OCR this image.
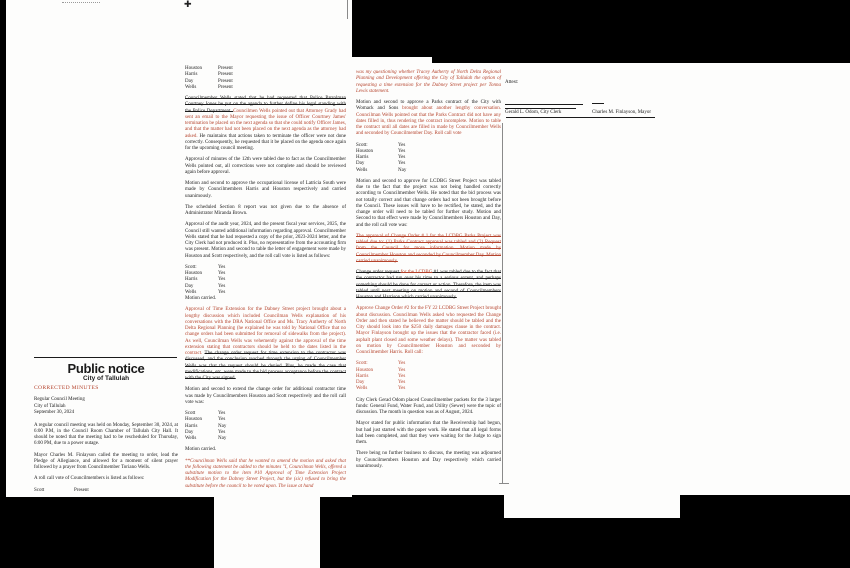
✚
Public notice
City of Tallulah
CORRECTED MINUTES
Regular Council Meeting
City of Tallulah
September 30, 2024

A regular council meeting was held on Monday, September 30, 2024, at 6:00 P.M, in the Council Room Chamber of Tallulah City Hall. It should be noted that the meeting had to be rescheduled for Thursday, 6:00 PM, due to a power outage.

Mayor Charles M. Finlayson called the meeting to order, lead the Pledge of Allegiance, and allowed for a moment of silent prayer followed by a prayer from Councilmember Toriano Wells.

A roll call vote of Councilmembers is listed as follows:

Scott	Present
Houston	Present
Harris	Present
Day	Present
Wells	Present

Councilmember Wells stated that he had requested that Police Patrolman Courtney Jones be put on the agenda to further define his legal standing with the Police Department. Councilmen Wells pointed out that Attorney Grady had sent an email to the Mayor requesting the issue of Officer Courtney James' termination be placed on the next agenda so that she could notify Officer James, and that the matter had not been placed on the next agenda as the attorney had asked. He maintains that actions taken to terminate the officer were not done correctly. Consequently, he requested that it be placed on the agenda once again for the upcoming council meeting.

Approval of minutes of the 12th were tabled due to fact as the Councilmember Wells pointed out, all corrections were not complete and should be reviewed again before approval.

Motion and second to approve the occupational license of Latricia South were made by Councilmembers Harris and Houston respectively and carried unanimously.

The scheduled Section 8 report was not given due to the absence of Administrator Miranda Brown.

Approval of the audit year, 2024, and the present fiscal year services, 2025, the Council still wanted additional information regarding approval. Councilmember Wells stated that he had requested a copy of the prior, 2023-2024 letter, and the City Clerk had not produced it. Plus, no representative from the accounting firm was present. Motion and second to table the letter of engagement were made by Houston and Scott respectively, and the roll call vote is listed as follows:

Scott:	Yes
Houston	Yes
Harris	Yes
Day	Yes
Wells	Yes
Motion carried.

Approval of Time Extension for the Dabney Street project brought about a lengthy discussion which included Councilman Wells explanation of his conversations with the DRA National Office and Ms. Tracy Autherty of North Delta Regional Planning (he explained he was told by National Office that no change orders had been submitted for removal of sidewalks from the project). As well, Councilman Wells was vehemently against the approval of the time extension stating that contractors should be held to the dates listed in the contract. The change order request for time extension to the contractor was discussed, and the conclusion reached through the urging of Councilmember Wells was that the request should be denied. Plus, he made the case that modifications, etc. were made to the bid process acceptance before the contract with the City was signed.

Motion and second to extend the change order for additional contractor time was made by Councilmembers Houston and Scott respectively and the roll call vote was:

Scott	Yes
Houston	Yes
Harris	Nay
Day	Yes
Wells	Nay

Motion carried.

**Councilman Wells said that he wanted to amend the motion and asked that the following statement be added to the minutes "I, Councilman Wells, offered a substitute motion to the item #10 Approval of Time Extension Project Modification for the Dabney Street Project, but the (sic) refused to bring the substitute before the council to be voted upon. The issue at hand

was my questioning whether Tracey Autherty of North Delta Regional Planning and Development offering the City of Tallulah the option of requesting a time extension for the Dabney Street project per Tonna Lewis statement.

Motion and second to approve a Parks contract of the City with Womack and Sons brought about another lengthy conversation. Councilman Wells pointed out that the Parks Contract did not have any dates filled in, thus rendering the contract incomplete. Motion to table the contract until all dates are filled in made by Councilmember Wells and seconded by Councilmember Day. Roll call vote

Scott:	Yes
Houston	Yes
Harris	Yes
Day	Yes
Wells	Nay

Motion and second to approve for LCDBG Street Project was tabled due to the fact that the project was not being handled correctly according to Councilmember Wells. He noted that the bid process was not totally correct and that change orders had not been brought before the Council. These issues will have to be rectified, he stated, and the change order will need to be tabled for further study. Motion and Second to that effect were made by Councilmembers Houston and Day, and the roll call vote was:

The approval of Change Order # 1 for the LCDBG Parks Project was tabled due to: (1) Parks Contract approval was tabled and (2) Request from the Council for more information. Motion made by Councilmember Houston and seconded by Councilmember Day. Motion carried unanimously.

Change order request for the LCDBG #1 was tabled due to the fact that the contractor had run over his time to a serious extent, and perhaps something should be done for correct or action. Therefore, the item was tabled until next meeting on motion and second of Councilmembers Houston and Harrison which carried unanimously.

Approve Change Order #2 for the FY 22 LCDBG Street Project brought about discussion. Councilman Wells asked who requested the Change Order and then stated he believed the matter should be tabled and the City should look into the $250 daily damages clause in the contract. Mayor Finlayson brought up the issues that the contractor faced (i.e. asphalt plant closed and some weather delays). The matter was tabled on motion by Councilmember Houston and seconded by Councilmember Harris. Roll call:

Scott:	Yes
Houston	Yes
Harris	Yes
Day	Yes
Wells	Yes

City Clerk Gerad Odom placed Councilmember packets for the 3 larger funds: General Fund, Water Fund, and Utility (Sewer) were the topic of discussion. The month in question was as of August, 2024.

Mayor stated for public information that the Receivership had begun, but had just started with the paper work. He stated that all legal forms had been completed, and that they were waiting for the Judge to sign them.

There being no further business to discuss, the meeting was adjourned by Councilmembers Houston and Day respectively which carried unanimously.

Attest:
Gerald L. Odom, City Clerk	Charles M. Finlayson, Mayor
